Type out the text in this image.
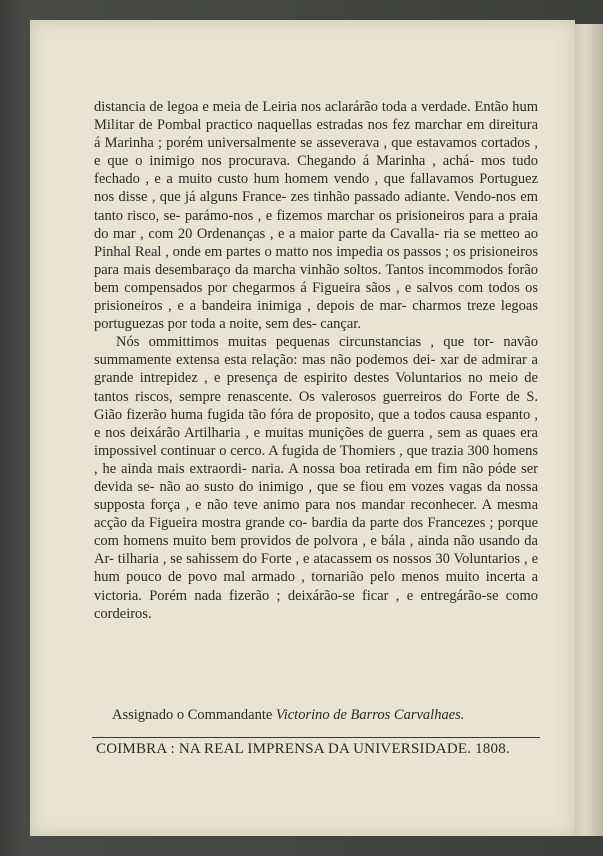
distancia de legoa e meia de Leiria nos aclarárão toda a verdade. Então hum Militar de Pombal practico naquellas estradas nos fez marchar em direitura á Marinha ; porém universalmente se asseverava , que estavamos cortados , e que o inimigo nos procurava. Chegando á Marinha , achá- mos tudo fechado , e a muito custo hum homem vendo , que fallavamos Portuguez nos disse , que já alguns France- zes tinhão passado adiante. Vendo-nos em tanto risco, se- parámo-nos , e fizemos marchar os prisioneiros para a praia do mar , com 20 Ordenanças , e a maior parte da Cavalla- ria se metteo ao Pinhal Real , onde em partes o matto nos impedia os passos ; os prisioneiros para mais desembaraço da marcha vinhão soltos. Tantos incommodos forão bem compensados por chegarmos á Figueira sãos , e salvos com todos os prisioneiros , e a bandeira inimiga , depois de mar- charmos treze legoas portuguezas por toda a noite, sem des- cançar.

Nós ommittimos muitas pequenas circunstancias , que tor- navão summamente extensa esta relação: mas não podemos dei- xar de admirar a grande intrepidez , e presença de espirito destes Voluntarios no meio de tantos riscos, sempre renascente. Os valerosos guerreiros do Forte de S. Gião fizerão huma fugida tão fóra de proposito, que a todos causa espanto , e nos deixárão Artilharia , e muitas munições de guerra , sem as quaes era impossivel continuar o cerco. A fugida de Thomiers , que trazia 300 homens , he ainda mais extraordi- naria. A nossa boa retirada em fim não póde ser devida se- não ao susto do inimigo , que se fiou em vozes vagas da nossa supposta força , e não teve animo para nos mandar reconhecer. A mesma acção da Figueira mostra grande co- bardia da parte dos Francezes ; porque com homens muito bem providos de polvora , e bála , ainda não usando da Ar- tilharia , se sahissem do Forte , e atacassem os nossos 30 Voluntarios , e hum pouco de povo mal armado , tornarião pelo menos muito incerta a victoria. Porém nada fizerão ; deixárão-se ficar , e entregárão-se como cordeiros.

Assignado o Commandante Victorino de Barros Carvalhaes.
COIMBRA : NA REAL IMPRENSA DA UNIVERSIDADE. 1808.
